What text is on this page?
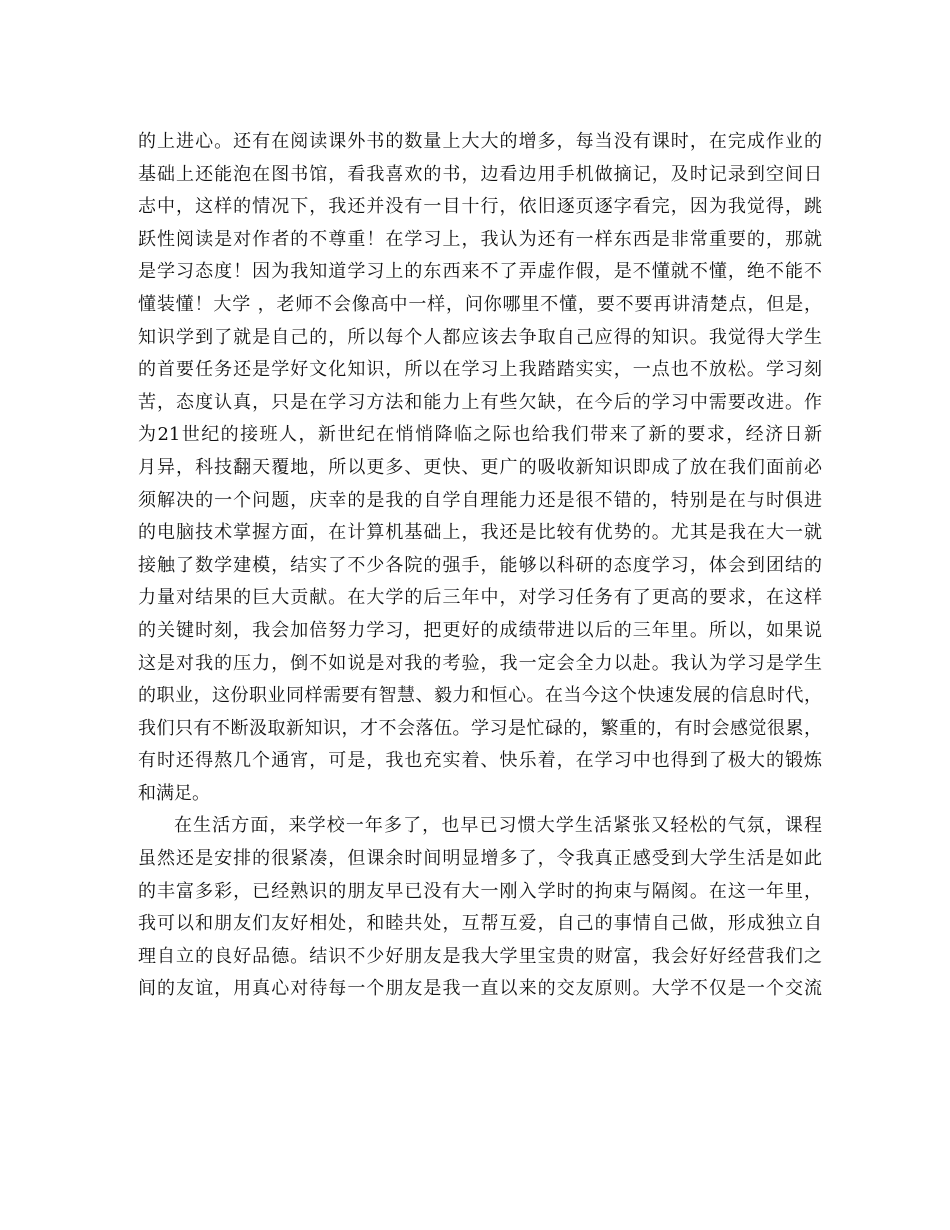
的上进心。还有在阅读课外书的数量上大大的增多，每当没有课时，在完成作业的
基础上还能泡在图书馆，看我喜欢的书，边看边用手机做摘记，及时记录到空间日
志中，这样的情况下，我还并没有一目十行，依旧逐页逐字看完，因为我觉得，跳
跃性阅读是对作者的不尊重！在学习上，我认为还有一样东西是非常重要的，那就
是学习态度！因为我知道学习上的东西来不了弄虚作假，是不懂就不懂，绝不能不
懂装懂！大学 ，老师不会像高中一样，问你哪里不懂，要不要再讲清楚点，但是，
知识学到了就是自己的，所以每个人都应该去争取自己应得的知识。我觉得大学生
的首要任务还是学好文化知识，所以在学习上我踏踏实实，一点也不放松。学习刻
苦，态度认真，只是在学习方法和能力上有些欠缺，在今后的学习中需要改进。作
为21世纪的接班人，新世纪在悄悄降临之际也给我们带来了新的要求，经济日新
月异，科技翻天覆地，所以更多、更快、更广的吸收新知识即成了放在我们面前必
须解决的一个问题，庆幸的是我的自学自理能力还是很不错的，特别是在与时俱进
的电脑技术掌握方面，在计算机基础上，我还是比较有优势的。尤其是我在大一就
接触了数学建模，结实了不少各院的强手，能够以科研的态度学习，体会到团结的
力量对结果的巨大贡献。在大学的后三年中，对学习任务有了更高的要求，在这样
的关键时刻，我会加倍努力学习，把更好的成绩带进以后的三年里。所以，如果说
这是对我的压力，倒不如说是对我的考验，我一定会全力以赴。我认为学习是学生
的职业，这份职业同样需要有智慧、毅力和恒心。在当今这个快速发展的信息时代，
我们只有不断汲取新知识，才不会落伍。学习是忙碌的，繁重的，有时会感觉很累，
有时还得熬几个通宵，可是，我也充实着、快乐着，在学习中也得到了极大的锻炼
和满足。
在生活方面，来学校一年多了，也早已习惯大学生活紧张又轻松的气氛，课程
虽然还是安排的很紧凑，但课余时间明显增多了，令我真正感受到大学生活是如此
的丰富多彩，已经熟识的朋友早已没有大一刚入学时的拘束与隔阂。在这一年里，
我可以和朋友们友好相处，和睦共处，互帮互爱，自己的事情自己做，形成独立自
理自立的良好品德。结识不少好朋友是我大学里宝贵的财富，我会好好经营我们之
间的友谊，用真心对待每一个朋友是我一直以来的交友原则。大学不仅是一个交流
